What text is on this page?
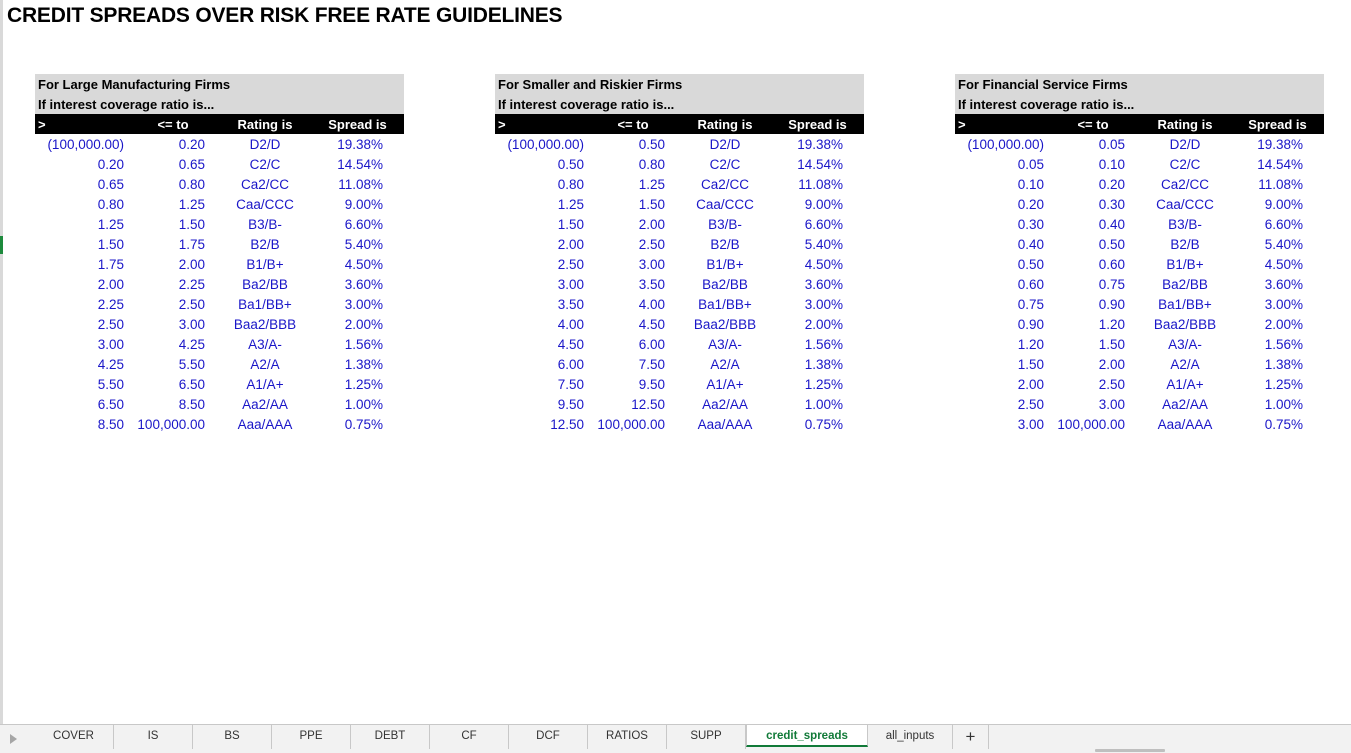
CREDIT SPREADS OVER RISK FREE RATE GUIDELINES
For Large Manufacturing Firms
If interest coverage ratio is...
>	<= to	Rating is	Spread is
(100,000.00)	0.20	D2/D	19.38%
0.20	0.65	C2/C	14.54%
0.65	0.80	Ca2/CC	11.08%
0.80	1.25	Caa/CCC	9.00%
1.25	1.50	B3/B-	6.60%
1.50	1.75	B2/B	5.40%
1.75	2.00	B1/B+	4.50%
2.00	2.25	Ba2/BB	3.60%
2.25	2.50	Ba1/BB+	3.00%
2.50	3.00	Baa2/BBB	2.00%
3.00	4.25	A3/A-	1.56%
4.25	5.50	A2/A	1.38%
5.50	6.50	A1/A+	1.25%
6.50	8.50	Aa2/AA	1.00%
8.50 100,000.00	Aaa/AAA	0.75%
For Smaller and Riskier Firms
If interest coverage ratio is...
>	<= to	Rating is	Spread is
(100,000.00)	0.50	D2/D	19.38%
0.50	0.80	C2/C	14.54%
0.80	1.25	Ca2/CC	11.08%
1.25	1.50	Caa/CCC	9.00%
1.50	2.00	B3/B-	6.60%
2.00	2.50	B2/B	5.40%
2.50	3.00	B1/B+	4.50%
3.00	3.50	Ba2/BB	3.60%
3.50	4.00	Ba1/BB+	3.00%
4.00	4.50	Baa2/BBB	2.00%
4.50	6.00	A3/A-	1.56%
6.00	7.50	A2/A	1.38%
7.50	9.50	A1/A+	1.25%
9.50	12.50	Aa2/AA	1.00%
12.50 100,000.00	Aaa/AAA	0.75%
For Financial Service Firms
If interest coverage ratio is...
>	<= to	Rating is	Spread is
(100,000.00)	0.05	D2/D	19.38%
0.05	0.10	C2/C	14.54%
0.10	0.20	Ca2/CC	11.08%
0.20	0.30	Caa/CCC	9.00%
0.30	0.40	B3/B-	6.60%
0.40	0.50	B2/B	5.40%
0.50	0.60	B1/B+	4.50%
0.60	0.75	Ba2/BB	3.60%
0.75	0.90	Ba1/BB+	3.00%
0.90	1.20	Baa2/BBB	2.00%
1.20	1.50	A3/A-	1.56%
1.50	2.00	A2/A	1.38%
2.00	2.50	A1/A+	1.25%
2.50	3.00	Aa2/AA	1.00%
3.00 100,000.00	Aaa/AAA	0.75%
COVER	IS	BS	PPE	DEBT	CF	DCF	RATIOS	SUPP	credit_spreads	all_inputs	+
